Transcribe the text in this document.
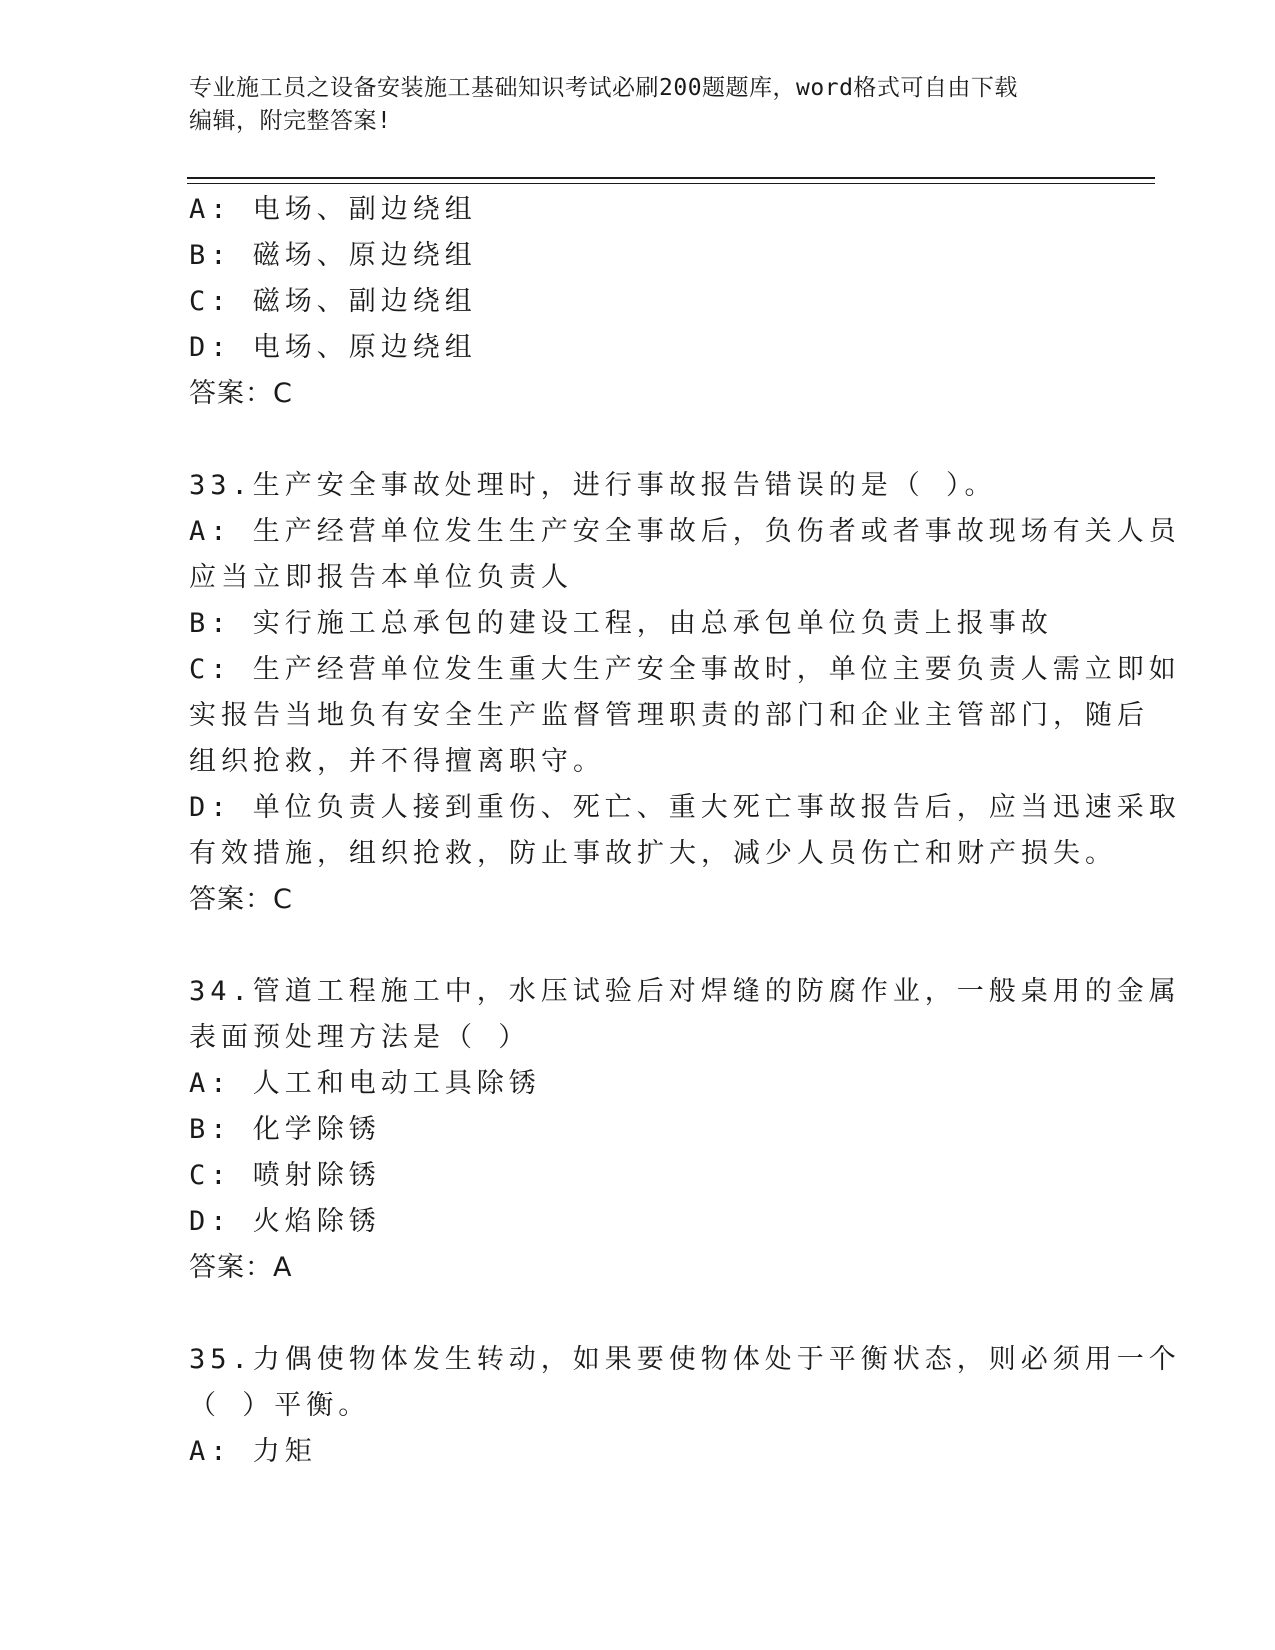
专业施工员之设备安装施工基础知识考试必刷200题题库，word格式可自由下载
编辑，附完整答案!
A: 电场、副边绕组
B: 磁场、原边绕组
C: 磁场、副边绕组
D: 电场、原边绕组
答案：C
33.生产安全事故处理时，进行事故报告错误的是（ ）。
A: 生产经营单位发生生产安全事故后，负伤者或者事故现场有关人员
应当立即报告本单位负责人
B: 实行施工总承包的建设工程，由总承包单位负责上报事故
C: 生产经营单位发生重大生产安全事故时，单位主要负责人需立即如
实报告当地负有安全生产监督管理职责的部门和企业主管部门，随后
组织抢救，并不得擅离职守。
D: 单位负责人接到重伤、死亡、重大死亡事故报告后，应当迅速采取
有效措施，组织抢救，防止事故扩大，减少人员伤亡和财产损失。
答案：C
34.管道工程施工中，水压试验后对焊缝的防腐作业，一般桌用的金属
表面预处理方法是（ ）
A: 人工和电动工具除锈
B: 化学除锈
C: 喷射除锈
D: 火焰除锈
答案：A
35.力偶使物体发生转动，如果要使物体处于平衡状态，则必须用一个
（ ）平衡。
A: 力矩
